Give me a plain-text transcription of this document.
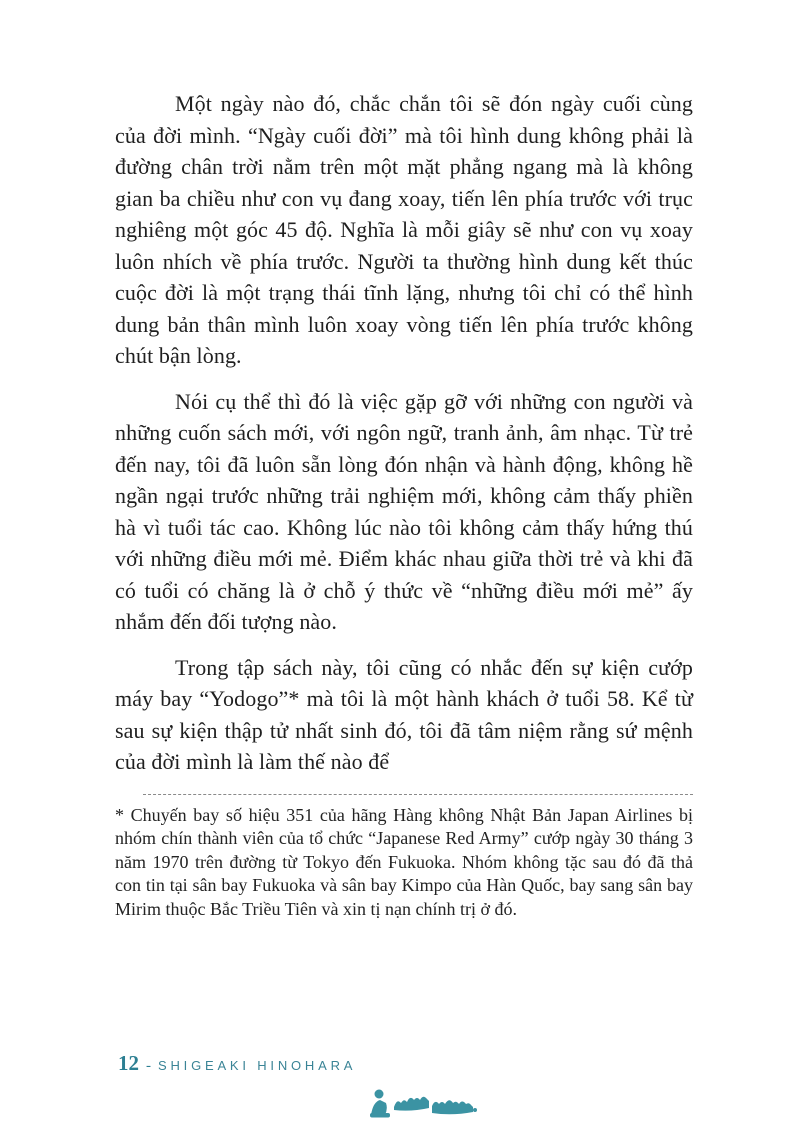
Một ngày nào đó, chắc chắn tôi sẽ đón ngày cuối cùng của đời mình. “Ngày cuối đời” mà tôi hình dung không phải là đường chân trời nằm trên một mặt phẳng ngang mà là không gian ba chiều như con vụ đang xoay, tiến lên phía trước với trục nghiêng một góc 45 độ. Nghĩa là mỗi giây sẽ như con vụ xoay luôn nhích về phía trước. Người ta thường hình dung kết thúc cuộc đời là một trạng thái tĩnh lặng, nhưng tôi chỉ có thể hình dung bản thân mình luôn xoay vòng tiến lên phía trước không chút bận lòng.

Nói cụ thể thì đó là việc gặp gỡ với những con người và những cuốn sách mới, với ngôn ngữ, tranh ảnh, âm nhạc. Từ trẻ đến nay, tôi đã luôn sẵn lòng đón nhận và hành động, không hề ngần ngại trước những trải nghiệm mới, không cảm thấy phiền hà vì tuổi tác cao. Không lúc nào tôi không cảm thấy hứng thú với những điều mới mẻ. Điểm khác nhau giữa thời trẻ và khi đã có tuổi có chăng là ở chỗ ý thức về “những điều mới mẻ” ấy nhắm đến đối tượng nào.

Trong tập sách này, tôi cũng có nhắc đến sự kiện cướp máy bay “Yodogo”* mà tôi là một hành khách ở tuổi 58. Kể từ sau sự kiện thập tử nhất sinh đó, tôi đã tâm niệm rằng sứ mệnh của đời mình là làm thế nào để

* Chuyến bay số hiệu 351 của hãng Hàng không Nhật Bản Japan Airlines bị nhóm chín thành viên của tổ chức “Japanese Red Army” cướp ngày 30 tháng 3 năm 1970 trên đường từ Tokyo đến Fukuoka. Nhóm không tặc sau đó đã thả con tin tại sân bay Fukuoka và sân bay Kimpo của Hàn Quốc, bay sang sân bay Mirim thuộc Bắc Triều Tiên và xin tị nạn chính trị ở đó.

12 - SHIGEAKI HINOHARA
